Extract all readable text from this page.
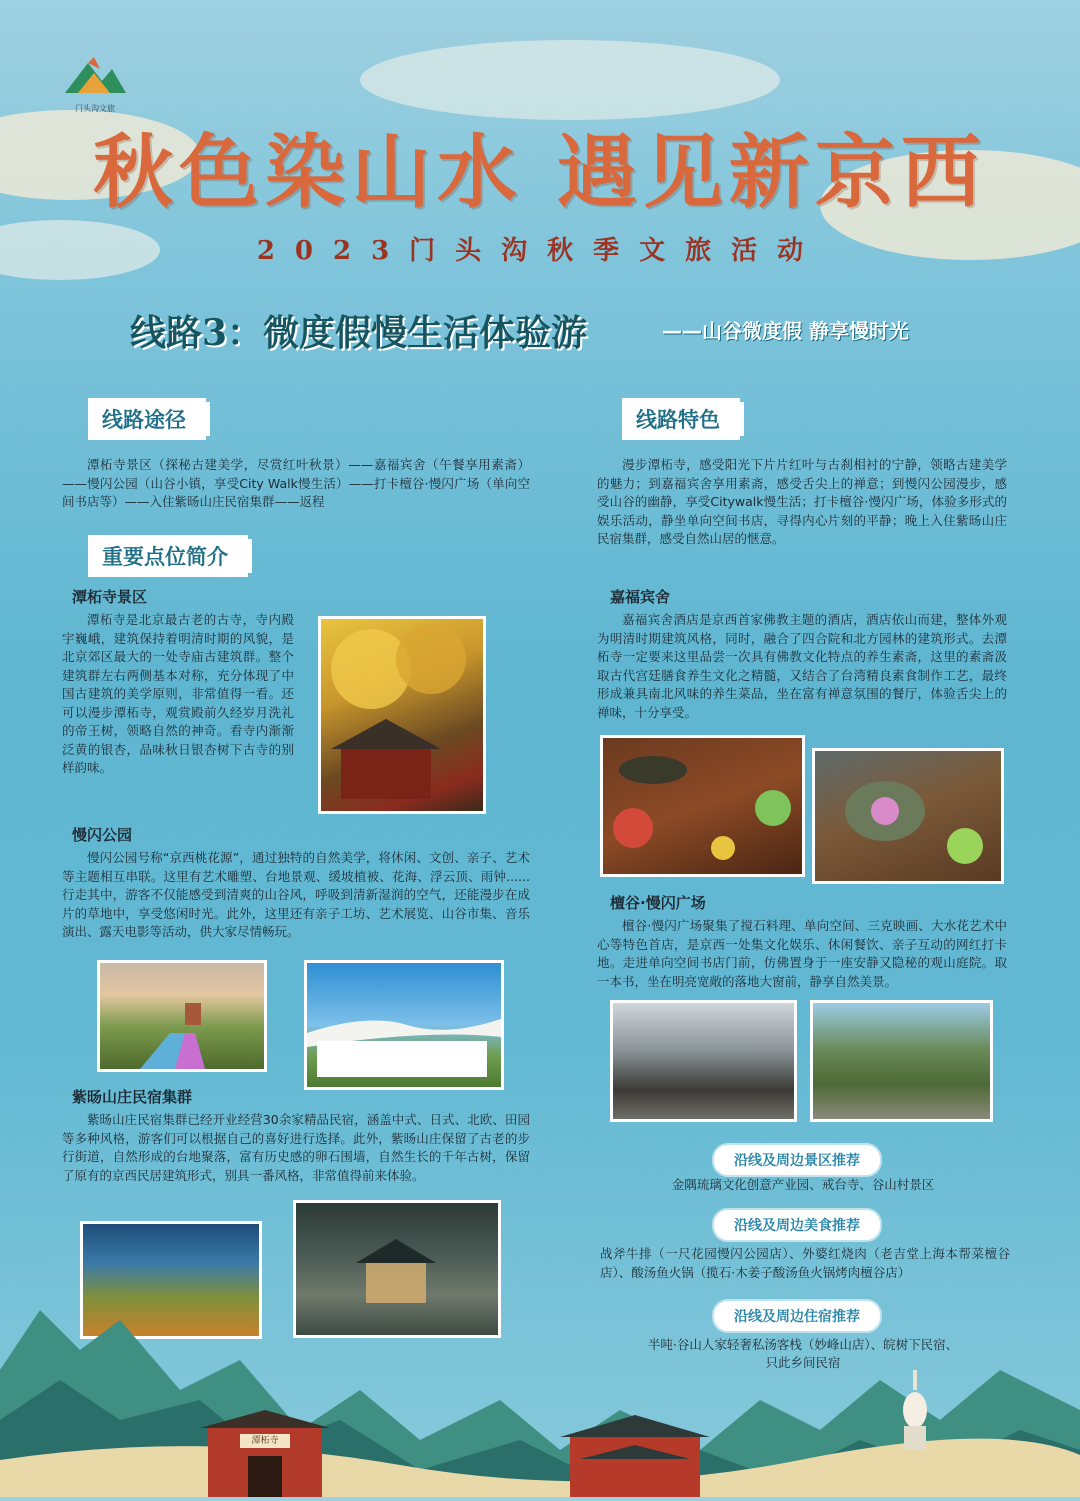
门头沟文旅
秋色染山水 遇见新京西
2023门头沟秋季文旅活动
线路3：微度假慢生活体验游	——山谷微度假 静享慢时光
线路途径
潭柘寺景区（探秘古建美学，尽赏红叶秋景）——嘉福宾舍（午餐享用素斋）——慢闪公园（山谷小镇，享受City Walk慢生活）——打卡檀谷·慢闪广场（单向空间书店等）——入住紫旸山庄民宿集群——返程
重要点位简介
潭柘寺景区
潭柘寺是北京最古老的古寺，寺内殿宇巍峨，建筑保持着明清时期的风貌，是北京郊区最大的一处寺庙古建筑群。整个建筑群左右两侧基本对称，充分体现了中国古建筑的美学原则，非常值得一看。还可以漫步潭柘寺，观赏殿前久经岁月洗礼的帝王树，领略自然的神奇。看寺内渐渐泛黄的银杏，品味秋日银杏树下古寺的别样韵味。
慢闪公园
慢闪公园号称“京西桃花源”，通过独特的自然美学，将休闲、文创、亲子、艺术等主题相互串联。这里有艺术雕塑、台地景观、缓坡植被、花海、浮云顶、雨钟......行走其中，游客不仅能感受到清爽的山谷风，呼吸到清新湿润的空气，还能漫步在成片的草地中，享受悠闲时光。此外，这里还有亲子工坊、艺术展览、山谷市集、音乐演出、露天电影等活动，供大家尽情畅玩。
紫旸山庄民宿集群
紫旸山庄民宿集群已经开业经营30余家精品民宿，涵盖中式、日式、北欧、田园等多种风格，游客们可以根据自己的喜好进行选择。此外，紫旸山庄保留了古老的步行街道，自然形成的台地聚落，富有历史感的卵石围墙，自然生长的千年古树，保留了原有的京西民居建筑形式，别具一番风格，非常值得前来体验。
线路特色
漫步潭柘寺，感受阳光下片片红叶与古刹相衬的宁静，领略古建美学的魅力；到嘉福宾舍享用素斋，感受舌尖上的禅意；到慢闪公园漫步，感受山谷的幽静，享受Citywalk慢生活；打卡檀谷·慢闪广场，体验多形式的娱乐活动，静坐单向空间书店，寻得内心片刻的平静；晚上入住紫旸山庄民宿集群，感受自然山居的惬意。
嘉福宾舍
嘉福宾舍酒店是京西首家佛教主题的酒店，酒店依山而建，整体外观为明清时期建筑风格，同时，融合了四合院和北方园林的建筑形式。去潭柘寺一定要来这里品尝一次具有佛教文化特点的养生素斋，这里的素斋汲取古代宫廷膳食养生文化之精髓，又结合了台湾精良素食制作工艺，最终形成兼具南北风味的养生菜品，坐在富有禅意氛围的餐厅，体验舌尖上的禅味，十分享受。
檀谷·慢闪广场
檀谷·慢闪广场聚集了搅石料理、单向空间、三克映画、大水花艺术中心等特色首店，是京西一处集文化娱乐、休闲餐饮、亲子互动的网红打卡地。走进单向空间书店门前，仿佛置身于一座安静又隐秘的观山庭院。取一本书，坐在明亮宽敞的落地大窗前，静享自然美景。
沿线及周边景区推荐
金隅琉璃文化创意产业园、戒台寺、谷山村景区
沿线及周边美食推荐
战斧牛排（一尺花园慢闪公园店）、外婆红烧肉（老吉堂上海本帮菜檀谷店）、酸汤鱼火锅（揽石·木姜子酸汤鱼火锅烤肉檀谷店）
沿线及周边住宿推荐
半吨·谷山人家轻奢私汤客栈（妙峰山店）、皖树下民宿、
只此乡间民宿
潭柘寺
